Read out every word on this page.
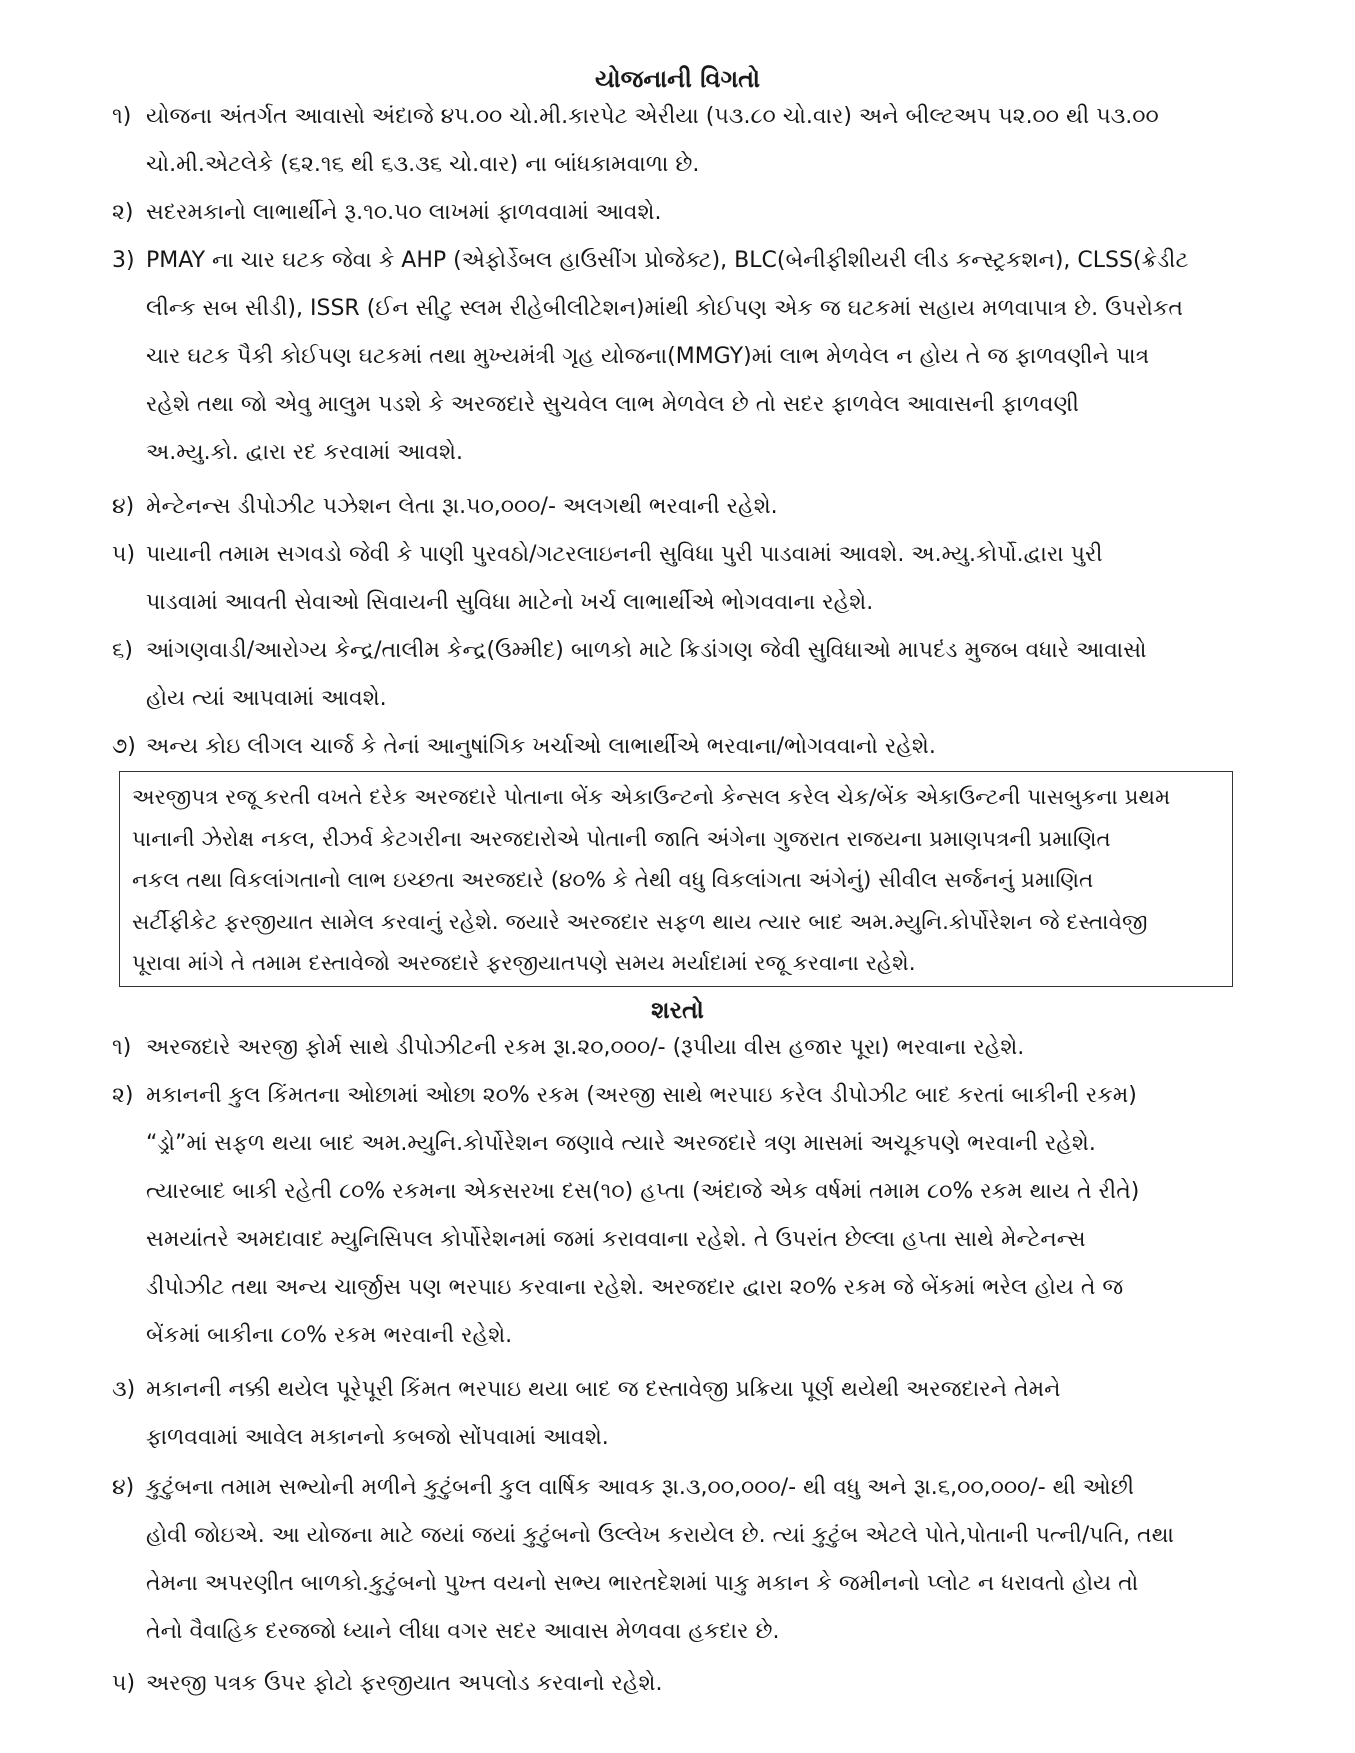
યોજનાની વિગતો
૧) યોજના અંતર્ગત આવાસો અંદાજે ૪૫.૦૦ ચો.મી.કારપેટ એરીયા (૫૩.૮૦ ચો.વાર) અને બીલ્ટઅપ ૫૨.૦૦ થી ૫૩.૦૦
ચો.મી.એટલેકે (૬૨.૧૬ થી ૬૩.૩૬ ચો.વાર) ના બાંધકામવાળા છે.
૨) સદરમકાનો લાભાર્થીને રૂ.૧૦.૫૦ લાખમાં ફાળવવામાં આવશે.
3) PMAY ના ચાર ઘટક જેવા કે AHP (એફોર્ડેબલ હાઉસીંગ પ્રોજેક્ટ), BLC(બેનીફીશીયરી લીડ કન્સ્ટ્રકશન), CLSS(ક્રેડીટ
લીન્ક સબ સીડી), ISSR (ઈન સીટુ સ્લમ રીહેબીલીટેશન)માંથી કોઈપણ એક જ ઘટકમાં સહાય મળવાપાત્ર છે. ઉપરોકત
ચાર ઘટક પૈકી કોઈપણ ઘટકમાં તથા મુખ્યમંત્રી ગૃહ યોજના(MMGY)માં લાભ મેળવેલ ન હોય તે જ ફાળવણીને પાત્ર
રહેશે તથા જો એવુ માલુમ પડશે કે અરજદારે સુચવેલ લાભ મેળવેલ છે તો સદર ફાળવેલ આવાસની ફાળવણી
અ.મ્યુ.કો. દ્વારા રદ કરવામાં આવશે.
૪) મેન્ટેનન્સ ડીપોઝીટ પઝેશન લેતા રૂા.૫૦,૦૦૦/- અલગથી ભરવાની રહેશે.
૫) પાયાની તમામ સગવડો જેવી કે પાણી પુરવઠો/ગટરલાઇનની સુવિધા પુરી પાડવામાં આવશે. અ.મ્યુ.કોર્પો.દ્વારા પુરી
પાડવામાં આવતી સેવાઓ સિવાયની સુવિધા માટેનો ખર્ચ લાભાર્થીએ ભોગવવાના રહેશે.
૬) આંગણવાડી/આરોગ્ય કેન્દ્ર/તાલીમ કેન્દ્ર(ઉમ્મીદ) બાળકો માટે ક્રિડાંગણ જેવી સુવિધાઓ માપદંડ મુજબ વધારે આવાસો
હોય ત્યાં આપવામાં આવશે.
૭) અન્ય કોઇ લીગલ ચાર્જ કે તેનાં આનુષાંગિક ખર્ચાઓ લાભાર્થીએ ભરવાના/ભોગવવાનો રહેશે.
અરજીપત્ર રજૂ કરતી વખતે દરેક અરજદારે પોતાના બેંક એકાઉન્ટનો કેન્સલ કરેલ ચેક/બેંક એકાઉન્ટની પાસબુકના પ્રથમ
પાનાની ઝેરોક્ષ નકલ, રીઝર્વ કેટગરીના અરજદારોએ પોતાની જાતિ અંગેના ગુજરાત રાજયના પ્રમાણપત્રની પ્રમાણિત
નકલ તથા વિકલાંગતાનો લાભ ઇચ્છતા અરજદારે (૪૦% કે તેથી વધુ વિકલાંગતા અંગેનું) સીવીલ સર્જનનું પ્રમાણિત
સર્ટીફીકેટ ફરજીયાત સામેલ કરવાનું રહેશે. જયારે અરજદાર સફળ થાય ત્યાર બાદ અમ.મ્યુનિ.કોર્પોરેશન જે દસ્તાવેજી
પૂરાવા માંગે તે તમામ દસ્તાવેજો અરજદારે ફરજીયાતપણે સમય મર્યાદામાં રજૂ કરવાના રહેશે.
શરતો
૧) અરજદારે અરજી ફોર્મ સાથે ડીપોઝીટની રકમ રૂા.૨૦,૦૦૦/- (રૂપીયા વીસ હજાર પૂરા) ભરવાના રહેશે.
૨) મકાનની કુલ કિંમતના ઓછામાં ઓછા ૨૦% રકમ (અરજી સાથે ભરપાઇ કરેલ ડીપોઝીટ બાદ કરતાં બાકીની રકમ)
“ડ્રો”માં સફળ થયા બાદ અમ.મ્યુનિ.કોર્પોરેશન જણાવે ત્યારે અરજદારે ત્રણ માસમાં અચૂકપણે ભરવાની રહેશે.
ત્યારબાદ બાકી રહેતી ૮૦% રકમના એકસરખા દસ(૧૦) હપ્તા (અંદાજે એક વર્ષમાં તમામ ૮૦% રકમ થાય તે રીતે)
સમયાંતરે અમદાવાદ મ્યુનિસિપલ કોર્પોરેશનમાં જમાં કરાવવાના રહેશે. તે ઉપરાંત છેલ્લા હપ્તા સાથે મેન્ટેનન્સ
ડીપોઝીટ તથા અન્ય ચાર્જીસ પણ ભરપાઇ કરવાના રહેશે. અરજદાર દ્વારા ૨૦% રકમ જે બેંકમાં ભરેલ હોય તે જ
બેંકમાં બાકીના ૮૦% રકમ ભરવાની રહેશે.
૩) મકાનની નક્કી થયેલ પૂરેપૂરી કિંમત ભરપાઇ થયા બાદ જ દસ્તાવેજી પ્રક્રિયા પૂર્ણ થયેથી અરજદારને તેમને
ફાળવવામાં આવેલ મકાનનો કબજો સોંપવામાં આવશે.
૪) કુટુંબના તમામ સભ્યોની મળીને કુટુંબની કુલ વાર્ષિક આવક રૂા.૩,૦૦,૦૦૦/- થી વધુ અને રૂા.૬,૦૦,૦૦૦/- થી ઓછી
હોવી જોઇએ. આ યોજના માટે જયાં જયાં કુટુંબનો ઉલ્લેખ કરાયેલ છે. ત્યાં કુટુંબ એટલે પોતે,પોતાની પત્ની/પતિ, તથા
તેમના અપરણીત બાળકો.કુટુંબનો પુખ્ત વયનો સભ્ય ભારતદેશમાં પાકુ મકાન કે જમીનનો પ્લોટ ન ધરાવતો હોય તો
તેનો વૈવાહિક દરજજો ધ્યાને લીધા વગર સદર આવાસ મેળવવા હકદાર છે.
૫) અરજી પત્રક ઉપર ફોટો ફરજીયાત અપલોડ કરવાનો રહેશે.
